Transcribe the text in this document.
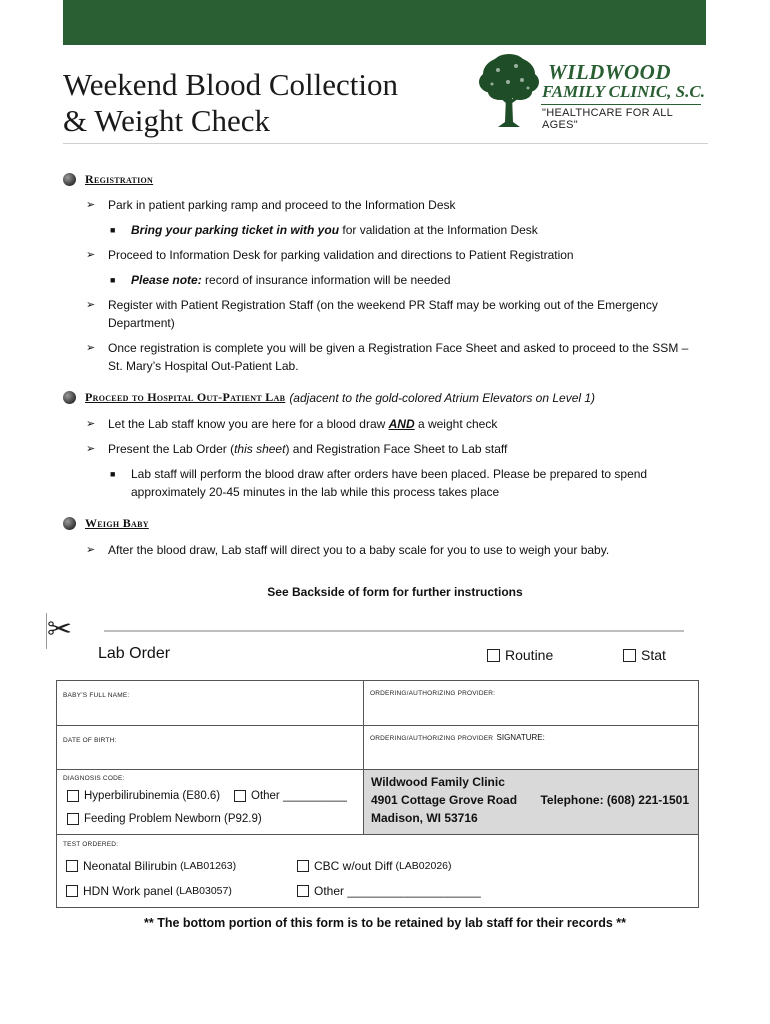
Weekend Blood Collection
& Weight Check
WILDWOOD
FAMILY CLINIC, S.C.
"HEALTHCARE FOR ALL AGES"
Registration
➢ Park in patient parking ramp and proceed to the Information Desk
■ Bring your parking ticket in with you for validation at the Information Desk
➢ Proceed to Information Desk for parking validation and directions to Patient Registration
■ Please note: record of insurance information will be needed
➢ Register with Patient Registration Staff (on the weekend PR Staff may be working out of the Emergency Department)
➢ Once registration is complete you will be given a Registration Face Sheet and asked to proceed to the SSM – St. Mary’s Hospital Out-Patient Lab.
Proceed to Hospital Out-Patient Lab (adjacent to the gold-colored Atrium Elevators on Level 1)
➢ Let the Lab staff know you are here for a blood draw AND a weight check
➢ Present the Lab Order (this sheet) and Registration Face Sheet to Lab staff
■ Lab staff will perform the blood draw after orders have been placed. Please be prepared to spend approximately 20-45 minutes in the lab while this process takes place
Weigh Baby
➢ After the blood draw, Lab staff will direct you to a baby scale for you to use to weigh your baby.
See Backside of form for further instructions
✂
Lab Order	Routine	Stat
BABY’S FULL NAME:	ORDERING/AUTHORIZING PROVIDER:
DATE OF BIRTH:	ORDERING/AUTHORIZING PROVIDER SIGNATURE:
DIAGNOSIS CODE:
Hyperbilirubinemia (E80.6)	Other __________
Feeding Problem Newborn (P92.9)
Wildwood Family Clinic
4901 Cottage Grove Road Telephone: (608) 221-1501
Madison, WI 53716
TEST ORDERED:
Neonatal Bilirubin (LAB01263)	CBC w/out Diff (LAB02026)
HDN Work panel (LAB03057)	Other ____________________
** The bottom portion of this form is to be retained by lab staff for their records **
